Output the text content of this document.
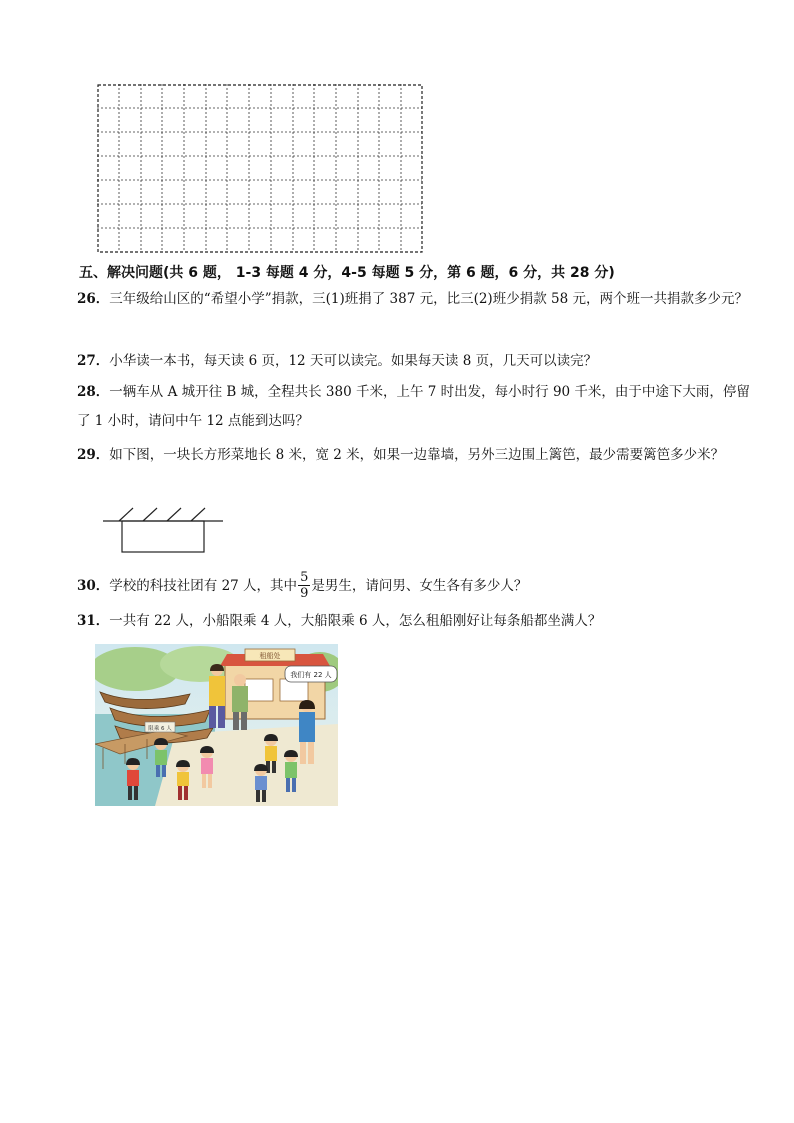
五、解决问题(共 6 题， 1-3 每题 4 分，4-5 每题 5 分，第 6 题，6 分，共 28 分)

26．三年级给山区的“希望小学”捐款，三(1)班捐了 387 元，比三(2)班少捐款 58 元，两个班一共捐款多少元？

27．小华读一本书，每天读 6 页，12 天可以读完。如果每天读 8 页，几天可以读完？

28．一辆车从 A 城开往 B 城，全程共长 380 千米，上午 7 时出发，每小时行 90 千米，由于中途下大雨，停留了 1 小时，请问中午 12 点能到达吗？

29．如下图，一块长方形菜地长 8 米，宽 2 米，如果一边靠墙，另外三边围上篱笆，最少需要篱笆多少米？

30．学校的科技社团有 27 人，其中 $\frac{5}{9}$ 是男生，请问男、女生各有多少人？

31．一共有 22 人，小船限乘 4 人，大船限乘 6 人，怎么租船刚好让每条船都坐满人？

租船处
我们有 22 人
限乘 6 人
